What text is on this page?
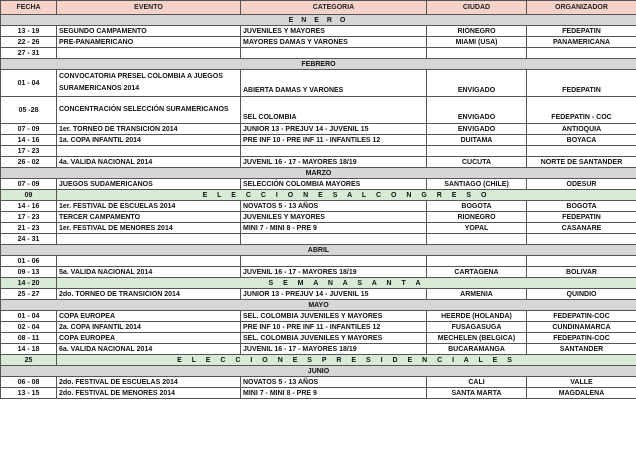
FECHA	EVENTO	CATEGORIA	CIUDAD	ORGANIZADOR
E N E R O				
13 - 19	SEGUNDO CAMPAMENTO	JUVENILES Y MAYORES	RIONEGRO	FEDEPATIN
22 - 26	PRE-PANAMERICANO	MAYORES DAMAS Y VARONES	MIAMI (USA)	PANAMERICANA
27 - 31				
FEBRERO				
01 - 04	CONVOCATORIA PRESEL COLOMBIA A JUEGOS SURAMERICANOS 2014	ABIERTA DAMAS Y VARONES	ENVIGADO	FEDEPATIN
05 -28	CONCENTRACIÓN SELECCIÓN SURAMERICANOS	SEL COLOMBIA	ENVIGADO	FEDEPATIN - COC
07 - 09	1er. TORNEO DE TRANSICION 2014	JUNIOR 13 - PREJUV 14 - JUVENIL 15	ENVIGADO	ANTIOQUIA
14 - 16	1a. COPA INFANTIL 2014	PRE INF 10 - PRE INF 11 - INFANTILES 12	DUITAMA	BOYACA
17 - 23				
26 - 02	4a. VALIDA NACIONAL 2014	JUVENIL 16 - 17 - MAYORES 18/19	CUCUTA	NORTE DE SANTANDER
MARZO				
07 - 09	JUEGOS SUDAMERICANOS	SELECCIÓN COLOMBIA MAYORES	SANTIAGO (CHILE)	ODESUR
09	E L E C C I O N E S A L C O N G R E S O			
14 - 16	1er. FESTIVAL DE ESCUELAS 2014	NOVATOS 5 - 13 AÑOS	BOGOTA	BOGOTA
17 - 23	TERCER CAMPAMENTO	JUVENILES Y MAYORES	RIONEGRO	FEDEPATIN
21 - 23	1er. FESTIVAL DE MENORES 2014	MINI 7 - MINI 8 - PRE 9	YOPAL	CASANARE
24 - 31				
ABRIL				
01 - 06				
09 - 13	5a. VALIDA NACIONAL 2014	JUVENIL 16 - 17 - MAYORES 18/19	CARTAGENA	BOLIVAR
14 - 20	S E M A N A S A N T A			
25 - 27	2do. TORNEO DE TRANSICION 2014	JUNIOR 13 - PREJUV 14 - JUVENIL 15	ARMENIA	QUINDIO
MAYO				
01 - 04	COPA EUROPEA	SEL. COLOMBIA JUVENILES Y MAYORES	HEERDE (HOLANDA)	FEDEPATIN-COC
02 - 04	2a. COPA INFANTIL 2014	PRE INF 10 - PRE INF 11 - INFANTILES 12	FUSAGASUGA	CUNDINAMARCA
08 - 11	COPA EUROPEA	SEL. COLOMBIA JUVENILES Y MAYORES	MECHELEN (BELGICA)	FEDEPATIN-COC
14 - 18	6a. VALIDA NACIONAL 2014	JUVENIL 16 - 17 - MAYORES 18/19	BUCARAMANGA	SANTANDER
25	E L E C C I O N E S P R E S I D E N C I A L E S			
JUNIO				
06 - 08	2do. FESTIVAL DE ESCUELAS 2014	NOVATOS 5 - 13 AÑOS	CALI	VALLE
13 - 15	2do. FESTIVAL DE MENORES 2014	MINI 7 - MINI 8 - PRE 9	SANTA MARTA	MAGDALENA
